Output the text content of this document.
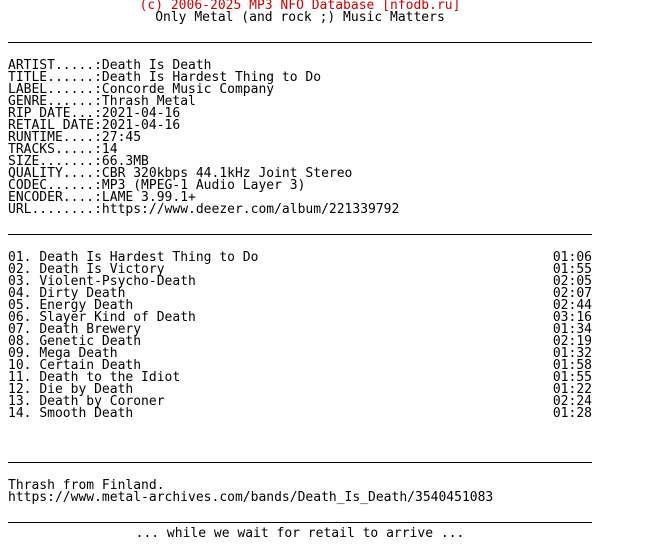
(c) 2006-2025 MP3 NFO Database [nfodb.ru]
Only Metal (and rock ;) Music Matters
ARTIST.....: Death Is Death
TITLE......: Death Is Hardest Thing to Do
LABEL......: Concorde Music Company
GENRE......: Thrash Metal
RIP DATE...: 2021-04-16
RETAIL DATE: 2021-04-16
RUNTIME....: 27:45
TRACKS.....: 14
SIZE.......: 66.3MB
QUALITY....: CBR 320kbps 44.1kHz Joint Stereo
CODEC......: MP3 (MPEG-1 Audio Layer 3)
ENCODER....: LAME 3.99.1+
URL........: https://www.deezer.com/album/221339792
01. Death Is Hardest Thing to Do	01:06
02. Death Is Victory	01:55
03. Violent-Psycho-Death	02:05
04. Dirty Death	02:07
05. Energy Death	02:44
06. Slayer Kind of Death	03:16
07. Death Brewery	01:34
08. Genetic Death	02:19
09. Mega Death	01:32
10. Certain Death	01:58
11. Death to the Idiot	01:55
12. Die by Death	01:22
13. Death by Coroner	02:24
14. Smooth Death	01:28
Thrash from Finland.
https://www.metal-archives.com/bands/Death_Is_Death/3540451083
... while we wait for retail to arrive ...
